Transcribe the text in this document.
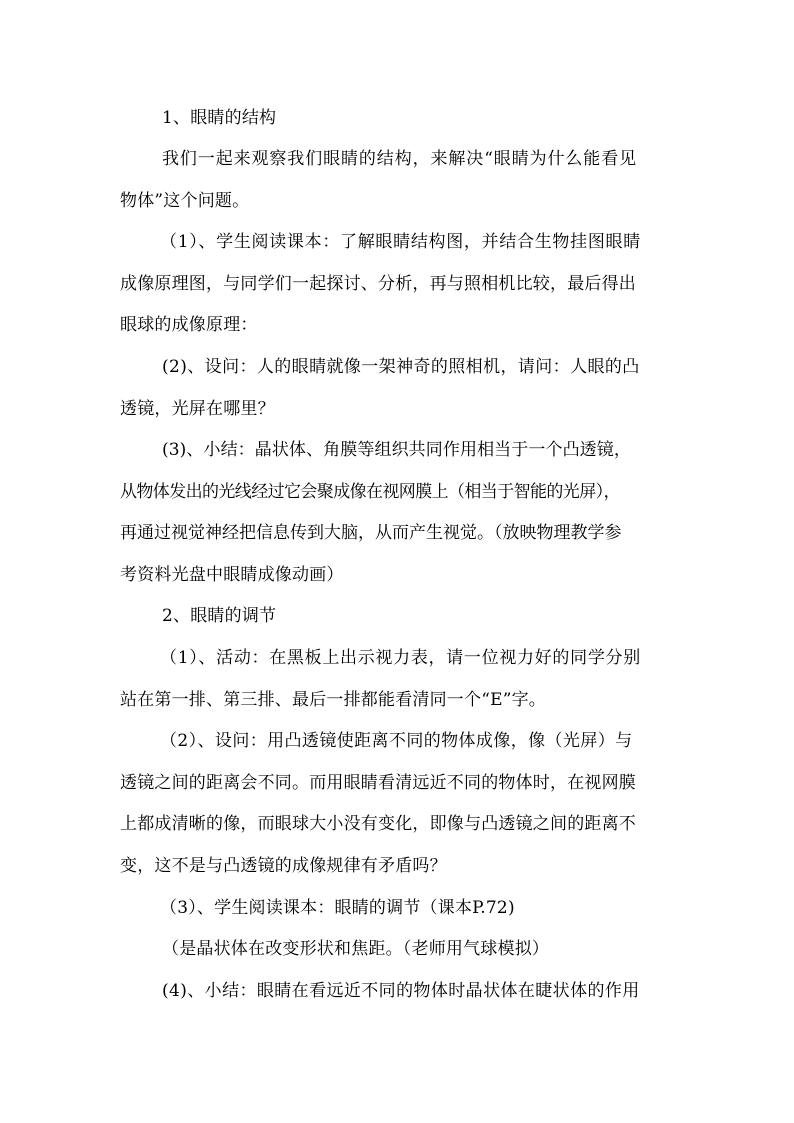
1、眼睛的结构
我们一起来观察我们眼睛的结构，来解决“眼睛为什么能看见
物体”这个问题。
（1）、学生阅读课本：了解眼睛结构图，并结合生物挂图眼睛
成像原理图，与同学们一起探讨、分析，再与照相机比较，最后得出
眼球的成像原理：
(2)、设问：人的眼睛就像一架神奇的照相机，请问：人眼的凸
透镜，光屏在哪里？
(3)、小结：晶状体、角膜等组织共同作用相当于一个凸透镜，
从物体发出的光线经过它会聚成像在视网膜上（相当于智能的光屏），
再通过视觉神经把信息传到大脑，从而产生视觉。（放映物理教学参
考资料光盘中眼睛成像动画）
2、眼睛的调节
（1）、活动：在黑板上出示视力表，请一位视力好的同学分别
站在第一排、第三排、最后一排都能看清同一个“E”字。
（2）、设问：用凸透镜使距离不同的物体成像，像（光屏）与
透镜之间的距离会不同。而用眼睛看清远近不同的物体时，在视网膜
上都成清晰的像，而眼球大小没有变化，即像与凸透镜之间的距离不
变，这不是与凸透镜的成像规律有矛盾吗？
（3）、学生阅读课本：眼睛的调节（课本P.72)
（是晶状体在改变形状和焦距。（老师用气球模拟）
(4)、小结：眼睛在看远近不同的物体时晶状体在睫状体的作用
